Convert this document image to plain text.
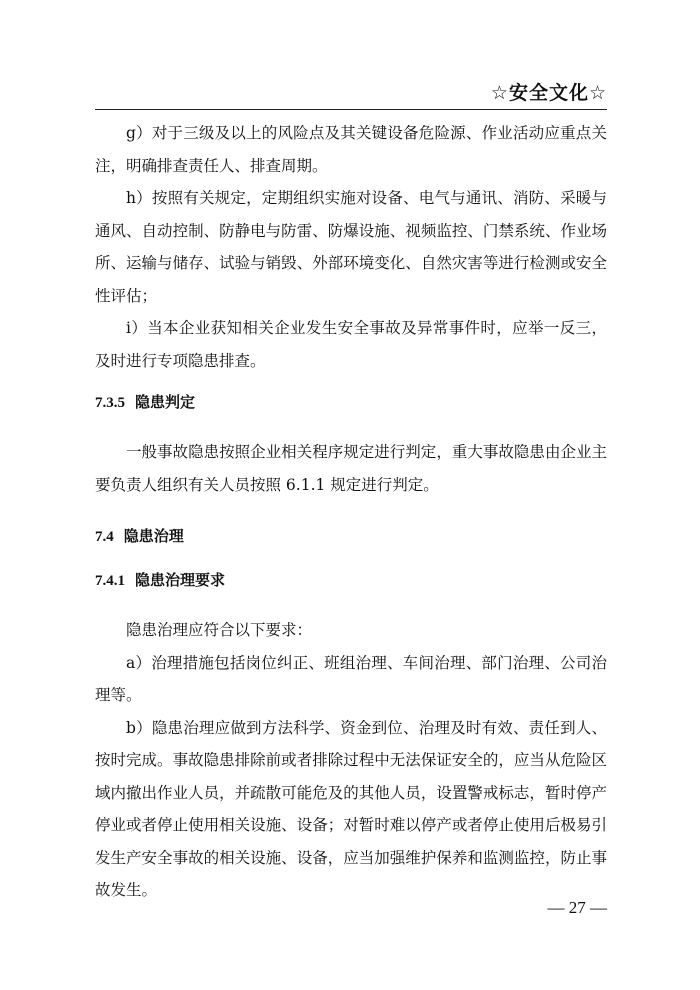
☆安全文化☆

g）对于三级及以上的风险点及其关键设备危险源、作业活动应重点关注，明确排查责任人、排查周期。

h）按照有关规定，定期组织实施对设备、电气与通讯、消防、采暖与通风、自动控制、防静电与防雷、防爆设施、视频监控、门禁系统、作业场所、运输与储存、试验与销毁、外部环境变化、自然灾害等进行检测或安全性评估；

i）当本企业获知相关企业发生安全事故及异常事件时，应举一反三，及时进行专项隐患排查。

7.3.5 隐患判定

一般事故隐患按照企业相关程序规定进行判定，重大事故隐患由企业主要负责人组织有关人员按照 6.1.1 规定进行判定。

7.4 隐患治理
7.4.1 隐患治理要求

隐患治理应符合以下要求：

a）治理措施包括岗位纠正、班组治理、车间治理、部门治理、公司治理等。

b）隐患治理应做到方法科学、资金到位、治理及时有效、责任到人、按时完成。事故隐患排除前或者排除过程中无法保证安全的，应当从危险区域内撤出作业人员，并疏散可能危及的其他人员，设置警戒标志，暂时停产停业或者停止使用相关设施、设备；对暂时难以停产或者停止使用后极易引发生产安全事故的相关设施、设备，应当加强维护保养和监测监控，防止事故发生。

— 27 —
